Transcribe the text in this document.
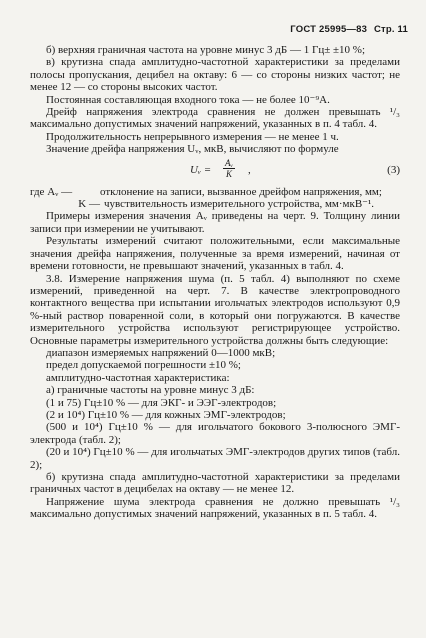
ГОСТ 25995—83 Стр. 11

б) верхняя граничная частота на уровне минус 3 дБ — 1 Гц± ±10 %;

в) крутизна спада амплитудно-частотной характеристики за пределами полосы пропускания, децибел на октаву: 6 — со стороны низких частот; не менее 12 — со стороны высоких частот.

Постоянная составляющая входного тока — не более 10⁻⁹А.

Дрейф напряжения электрода сравнения не должен превышать ¹/₃ максимально допустимых значений напряжений, указанных в п. 4 табл. 4.

Продолжительность непрерывного измерения — не менее 1 ч.

Значение дрейфа напряжения Uᵥ, мкВ, вычисляют по формуле

Uᵥ = $\frac{\text{Aᵥ}}{K}$ ,	(3)
где Aᵥ —	отклонение на записи, вызванное дрейфом напряжения, мм;
K — чувствительность измерительного устройства, мм·мкВ⁻¹.

Примеры измерения значения Aᵥ приведены на черт. 9. Толщину линии записи при измерении не учитывают.

Результаты измерений считают положительными, если максимальные значения дрейфа напряжения, полученные за время измерений, начиная от времени готовности, не превышают значений, указанных в табл. 4.

3.8. Измерение напряжения шума (п. 5 табл. 4) выполняют по схеме измерений, приведенной на черт. 7. В качестве электропроводного контактного вещества при испытании игольчатых электродов используют 0,9 %-ный раствор поваренной соли, в который они погружаются. В качестве измерительного устройства используют регистрирующее устройство. Основные параметры измерительного устройства должны быть следующие:

диапазон измеряемых напряжений 0—1000 мкВ;

предел допускаемой погрешности ±10 %;

амплитудно-частотная характеристика:

а) граничные частоты на уровне минус 3 дБ:

(1 и 75) Гц±10 % — для ЭКГ- и ЭЭГ-электродов;

(2 и 10⁴) Гц±10 % — для кожных ЭМГ-электродов;

(500 и 10⁴) Гц±10 % — для игольчатого бокового 3-полюсного ЭМГ-электрода (табл. 2);

(20 и 10⁴) Гц±10 % — для игольчатых ЭМГ-электродов других типов (табл. 2);

б) крутизна спада амплитудно-частотной характеристики за пределами граничных частот в децибелах на октаву — не менее 12.

Напряжение шума электрода сравнения не должно превышать ¹/₃ максимально допустимых значений напряжений, указанных в п. 5 табл. 4.
